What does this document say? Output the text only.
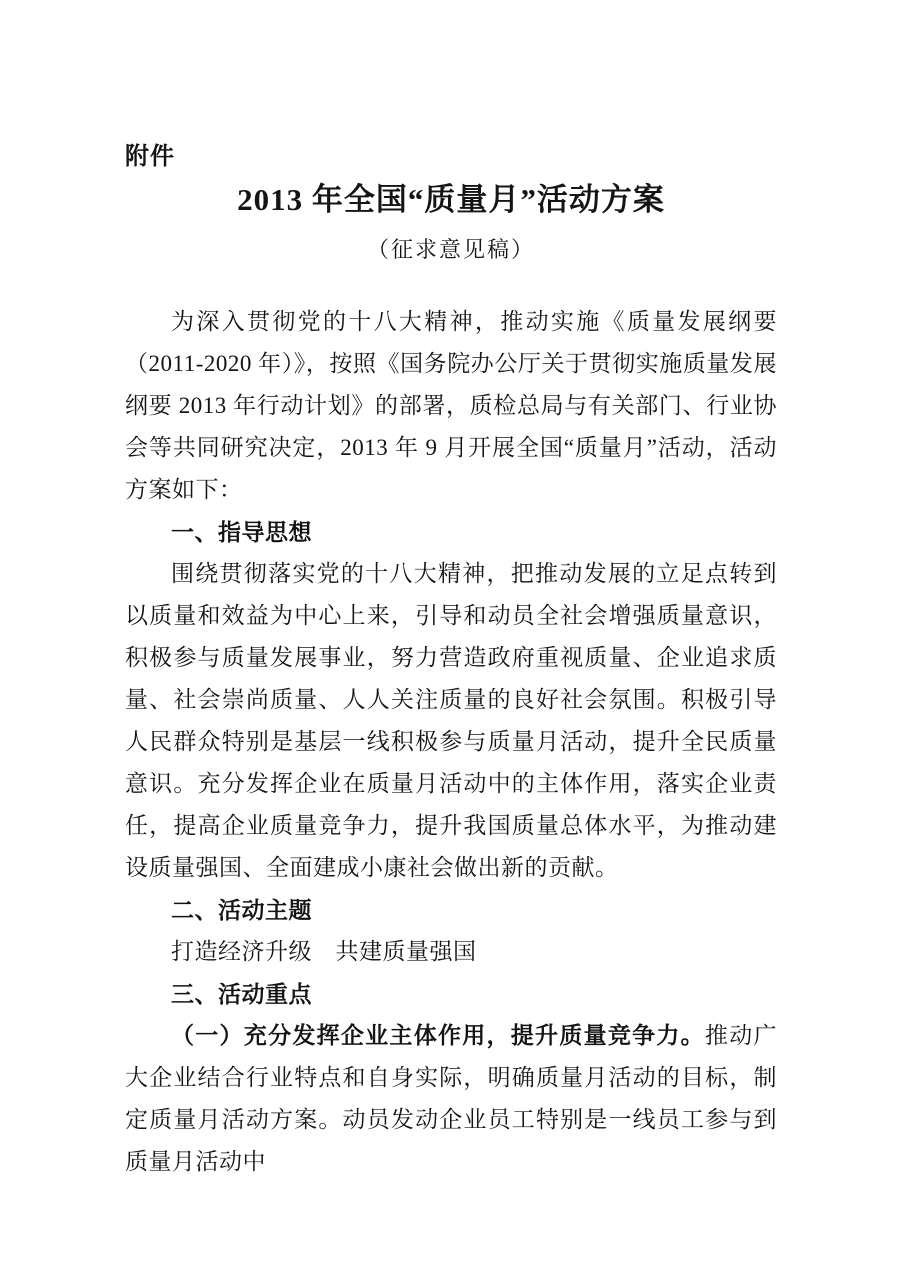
附件
2013 年全国“质量月”活动方案
（征求意见稿）

为深入贯彻党的十八大精神，推动实施《质量发展纲要（2011-2020 年）》，按照《国务院办公厅关于贯彻实施质量发展纲要 2013 年行动计划》的部署，质检总局与有关部门、行业协会等共同研究决定，2013 年 9 月开展全国“质量月”活动，活动方案如下：

一、指导思想

围绕贯彻落实党的十八大精神，把推动发展的立足点转到以质量和效益为中心上来，引导和动员全社会增强质量意识，积极参与质量发展事业，努力营造政府重视质量、企业追求质量、社会崇尚质量、人人关注质量的良好社会氛围。积极引导人民群众特别是基层一线积极参与质量月活动，提升全民质量意识。充分发挥企业在质量月活动中的主体作用，落实企业责任，提高企业质量竞争力，提升我国质量总体水平，为推动建设质量强国、全面建成小康社会做出新的贡献。

二、活动主题

打造经济升级　共建质量强国

三、活动重点

（一）充分发挥企业主体作用，提升质量竞争力。推动广大企业结合行业特点和自身实际，明确质量月活动的目标，制定质量月活动方案。动员发动企业员工特别是一线员工参与到质量月活动中
